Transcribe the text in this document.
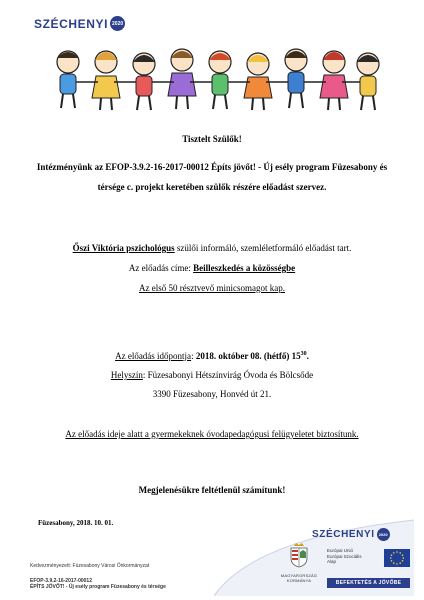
SZÉCHENYI 2020
Tisztelt Szülők!
Intézményünk az EFOP-3.9.2-16-2017-00012 Építs jövőt! - Új esély program Füzesabony és térsége c. projekt keretében szülők részére előadást szervez.
Őszi Viktória pszichológus szülői informáló, szemléletformáló előadást tart.
Az előadás címe: Beilleszkedés a közösségbe
Az első 50 résztvevő minicsomagot kap.
Az előadás időpontja: 2018. október 08. (hétfő) $15^{30}$.
Helyszín: Füzesabonyi Hétszínvirág Óvoda és Bölcsőde
3390 Füzesabony, Honvéd út 21.
Az előadás ideje alatt a gyermekeknek óvodapedagógusi felügyeletet biztosítunk.
Megjelenésükre feltétlenül számítunk!
Füzesabony, 2018. 10. 01.
Kedvezményezett: Füzesabony Városi Önkormányzat
EFOP-3.9.2-16-2017-00012
ÉPÍTS JÖVŐT! - Új esély program Füzesabony és térsége
SZÉCHENYI	2020
MAGYARORSZÁG
KORMÁNYA
Európai Unió
Európai Szociális
Alap
BEFEKTETÉS A JÖVŐBE
